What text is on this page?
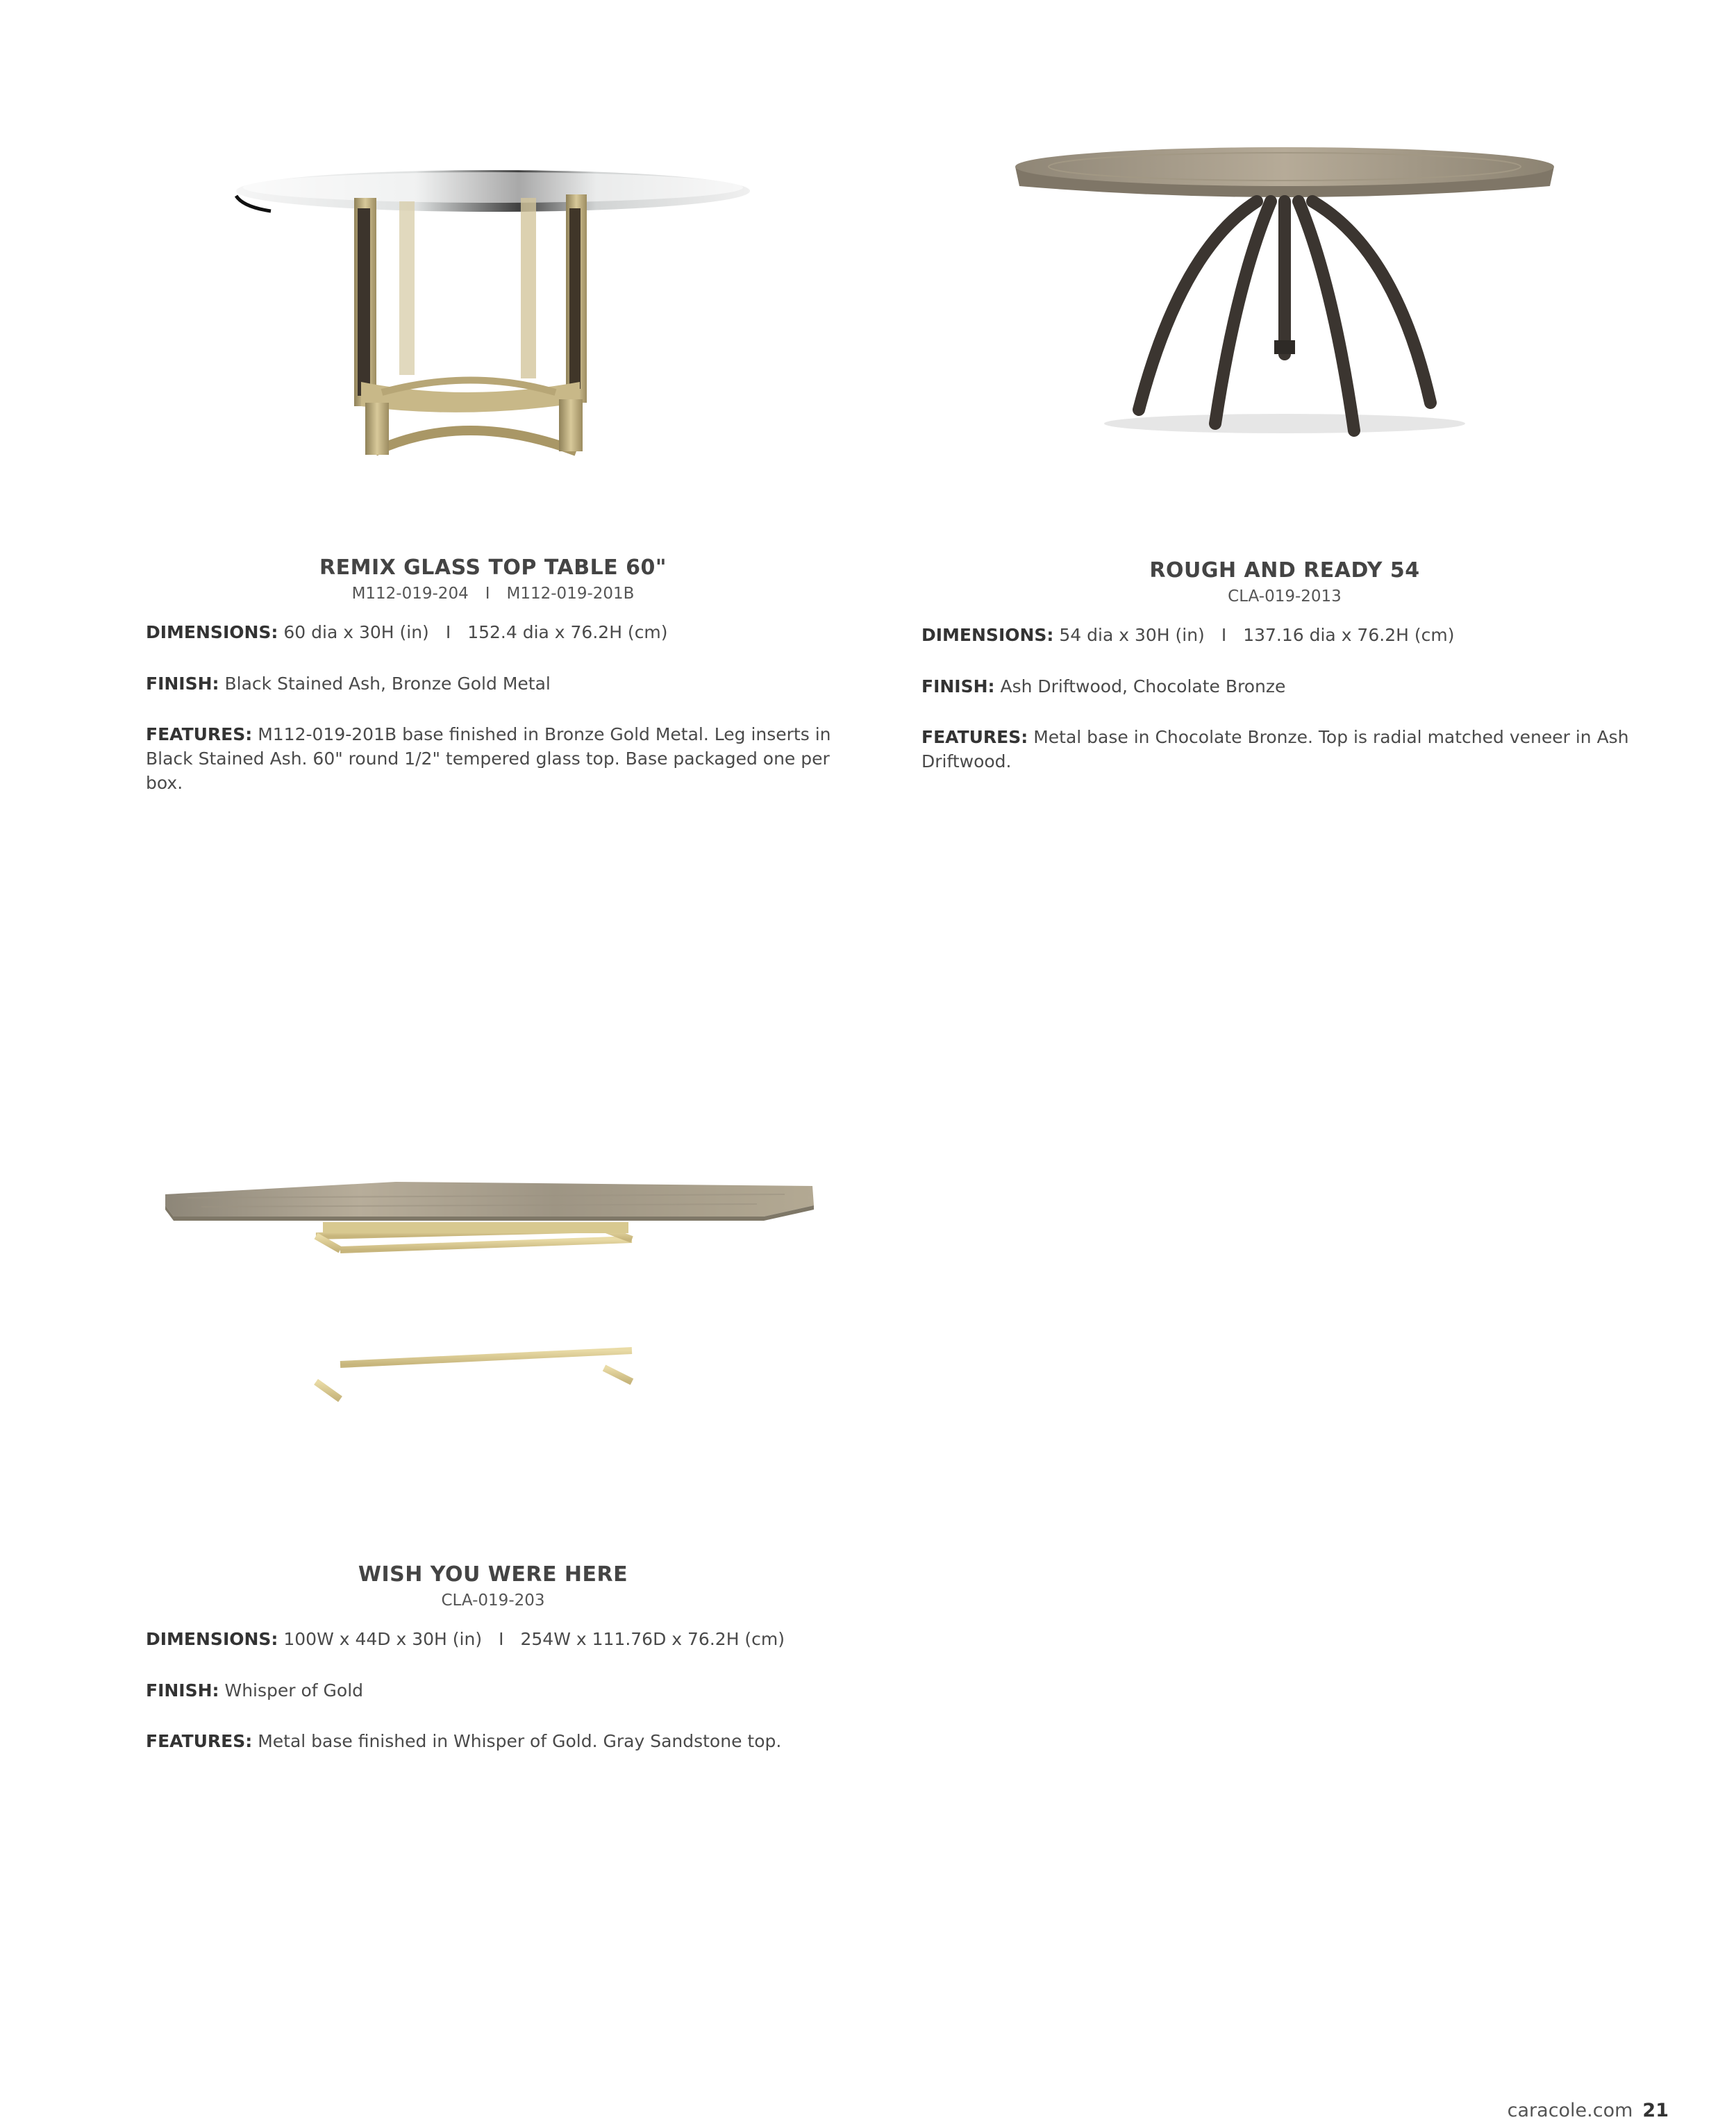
REMIX GLASS TOP TABLE 60"
M112-019-204 I M112-019-201B
DIMENSIONS: 60 dia x 30H (in) I 152.4 dia x 76.2H (cm)
FINISH: Black Stained Ash, Bronze Gold Metal
FEATURES: M112-019-201B base finished in Bronze Gold Metal. Leg inserts in Black Stained Ash. 60" round 1/2" tempered glass top. Base packaged one per box.
ROUGH AND READY 54
CLA-019-2013
DIMENSIONS: 54 dia x 30H (in) I 137.16 dia x 76.2H (cm)
FINISH: Ash Driftwood, Chocolate Bronze
FEATURES: Metal base in Chocolate Bronze. Top is radial matched veneer in Ash Driftwood.
WISH YOU WERE HERE
CLA-019-203
DIMENSIONS: 100W x 44D x 30H (in) I 254W x 111.76D x 76.2H (cm)
FINISH: Whisper of Gold
FEATURES: Metal base finished in Whisper of Gold. Gray Sandstone top.
caracole.com 21
